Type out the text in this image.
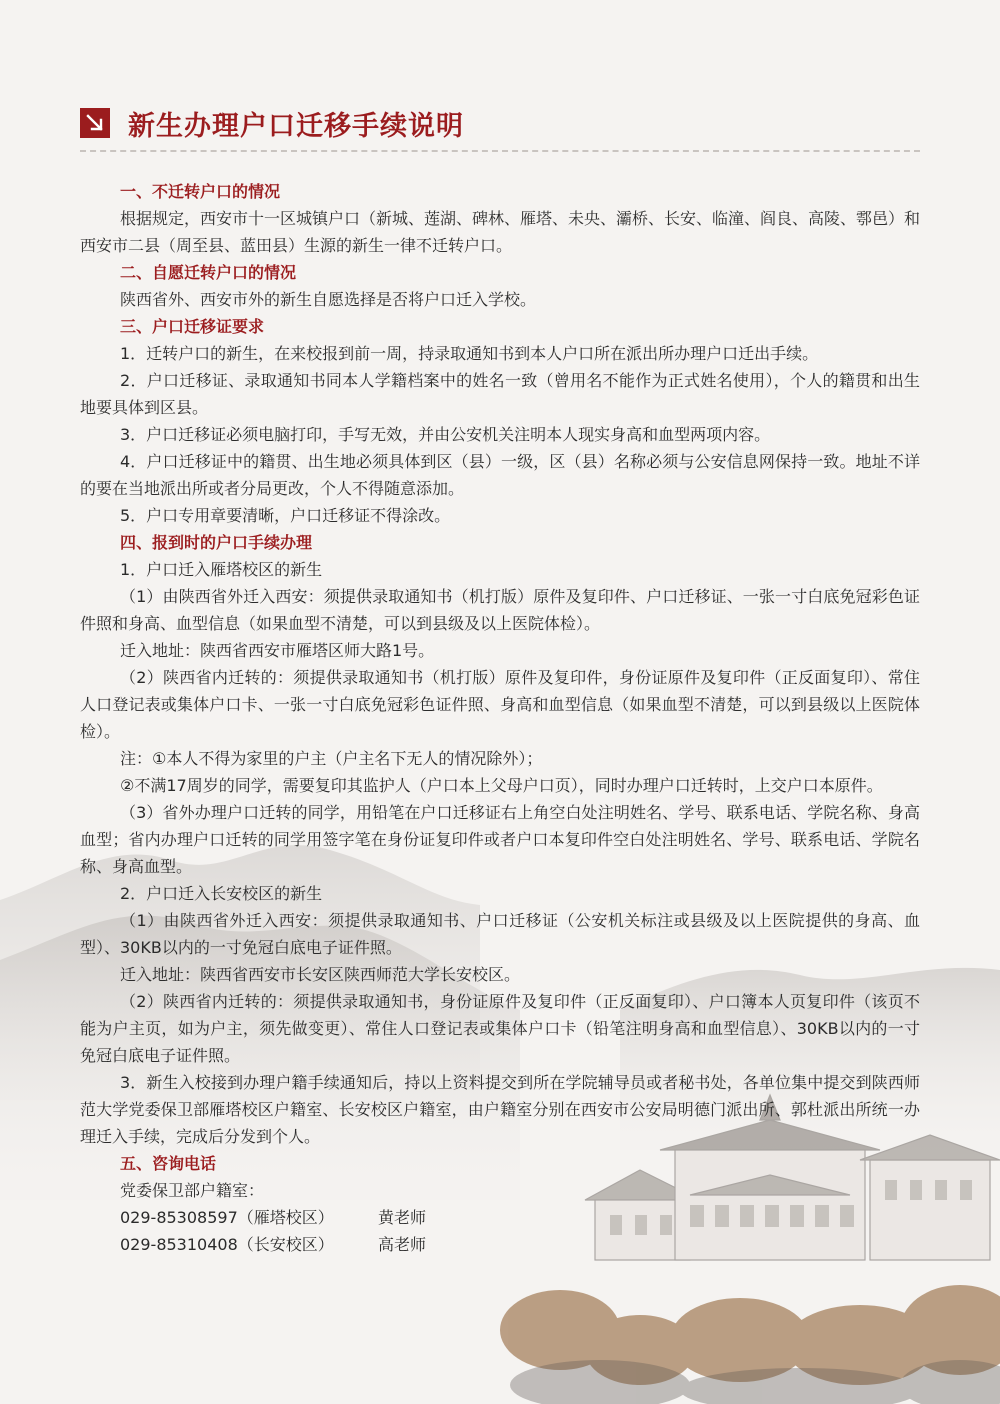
新生办理户口迁移手续说明
一、不迁转户口的情况

根据规定，西安市十一区城镇户口（新城、莲湖、碑林、雁塔、未央、灞桥、长安、临潼、阎良、高陵、鄠邑）和西安市二县（周至县、蓝田县）生源的新生一律不迁转户口。

二、自愿迁转户口的情况

陕西省外、西安市外的新生自愿选择是否将户口迁入学校。

三、户口迁移证要求

1．迁转户口的新生，在来校报到前一周，持录取通知书到本人户口所在派出所办理户口迁出手续。

2．户口迁移证、录取通知书同本人学籍档案中的姓名一致（曾用名不能作为正式姓名使用），个人的籍贯和出生地要具体到区县。

3．户口迁移证必须电脑打印，手写无效，并由公安机关注明本人现实身高和血型两项内容。

4．户口迁移证中的籍贯、出生地必须具体到区（县）一级，区（县）名称必须与公安信息网保持一致。地址不详的要在当地派出所或者分局更改，个人不得随意添加。

5．户口专用章要清晰，户口迁移证不得涂改。

四、报到时的户口手续办理
1．户口迁入雁塔校区的新生

（1）由陕西省外迁入西安：须提供录取通知书（机打版）原件及复印件、户口迁移证、一张一寸白底免冠彩色证件照和身高、血型信息（如果血型不清楚，可以到县级及以上医院体检）。

迁入地址：陕西省西安市雁塔区师大路1号。

（2）陕西省内迁转的：须提供录取通知书（机打版）原件及复印件，身份证原件及复印件（正反面复印）、常住人口登记表或集体户口卡、一张一寸白底免冠彩色证件照、身高和血型信息（如果血型不清楚，可以到县级以上医院体检）。

注：①本人不得为家里的户主（户主名下无人的情况除外）；

②不满17周岁的同学，需要复印其监护人（户口本上父母户口页），同时办理户口迁转时，上交户口本原件。

（3）省外办理户口迁转的同学，用铅笔在户口迁移证右上角空白处注明姓名、学号、联系电话、学院名称、身高血型；省内办理户口迁转的同学用签字笔在身份证复印件或者户口本复印件空白处注明姓名、学号、联系电话、学院名称、身高血型。

2．户口迁入长安校区的新生

（1）由陕西省外迁入西安：须提供录取通知书、户口迁移证（公安机关标注或县级及以上医院提供的身高、血型）、30KB以内的一寸免冠白底电子证件照。

迁入地址：陕西省西安市长安区陕西师范大学长安校区。

（2）陕西省内迁转的：须提供录取通知书，身份证原件及复印件（正反面复印）、户口簿本人页复印件（该页不能为户主页，如为户主，须先做变更）、常住人口登记表或集体户口卡（铅笔注明身高和血型信息）、30KB以内的一寸免冠白底电子证件照。

3．新生入校接到办理户籍手续通知后，持以上资料提交到所在学院辅导员或者秘书处，各单位集中提交到陕西师范大学党委保卫部雁塔校区户籍室、长安校区户籍室，由户籍室分别在西安市公安局明德门派出所、郭杜派出所统一办理迁入手续，完成后分发到个人。

五、咨询电话
党委保卫部户籍室：
029-85308597（雁塔校区）	黄老师
029-85310408（长安校区）	高老师
